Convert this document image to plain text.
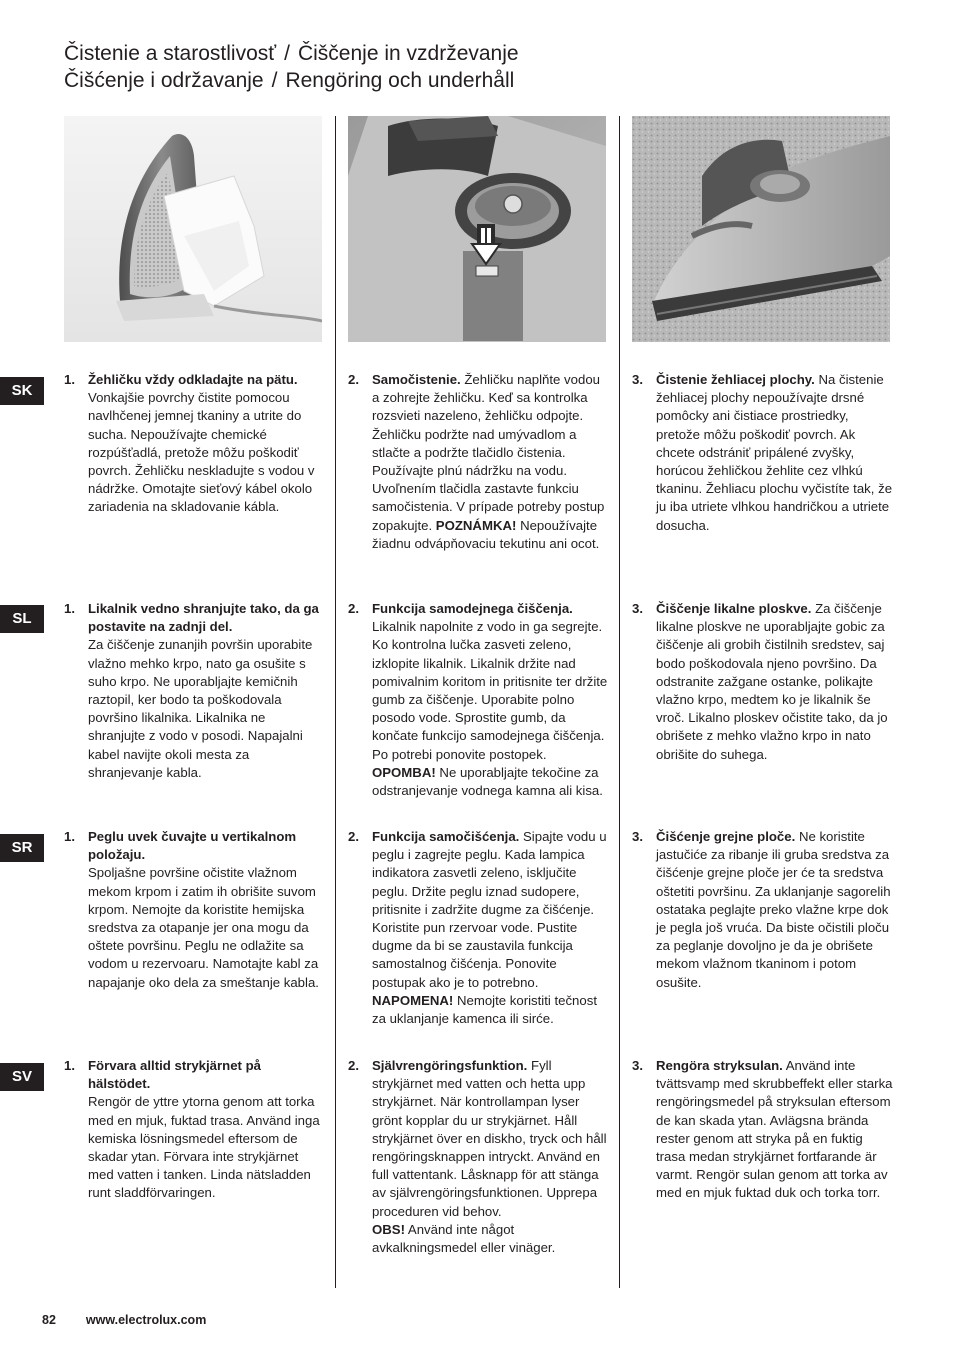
Čistenie a starostlivosť / Čiščenje in vzdrževanje
Čišćenje i održavanje / Rengöring och underhåll
SK
SL
SR
SV
1. Žehličku vždy odkladajte na pätu.
Vonkajšie povrchy čistite pomocou navlhčenej jemnej tkaniny a utrite do sucha. Nepoužívajte chemické rozpúšťadlá, pretože môžu poškodiť povrch. Žehličku neskladujte s vodou v nádržke. Omotajte sieťový kábel okolo zariadenia na skladovanie kábla.
2. Samočistenie. Žehličku naplňte vodou a zohrejte žehličku. Keď sa kontrolka rozsvieti nazeleno, žehličku odpojte. Žehličku podržte nad umývadlom a stlačte a podržte tlačidlo čistenia. Používajte plnú nádržku na vodu. Uvoľnením tlačidla zastavte funkciu samočistenia. V prípade potreby postup zopakujte. POZNÁMKA! Nepoužívajte žiadnu odvápňovaciu tekutinu ani ocot.
3. Čistenie žehliacej plochy. Na čistenie žehliacej plochy nepoužívajte drsné pomôcky ani čistiace prostriedky, pretože môžu poškodiť povrch. Ak chcete odstrániť pripálené zvyšky, horúcou žehličkou žehlite cez vlhkú tkaninu. Žehliacu plochu vyčistíte tak, že ju iba utriete vlhkou handričkou a utriete dosucha.
1. Likalnik vedno shranjujte tako, da ga postavite na zadnji del.
Za čiščenje zunanjih površin uporabite vlažno mehko krpo, nato ga osušite s suho krpo. Ne uporabljajte kemičnih raztopil, ker bodo ta poškodovala površino likalnika. Likalnika ne shranjujte z vodo v posodi. Napajalni kabel navijte okoli mesta za shranjevanje kabla.
2. Funkcija samodejnega čiščenja. Likalnik napolnite z vodo in ga segrejte. Ko kontrolna lučka zasveti zeleno, izklopite likalnik. Likalnik držite nad pomivalnim koritom in pritisnite ter držite gumb za čiščenje. Uporabite polno posodo vode. Sprostite gumb, da končate funkcijo samodejnega čiščenja. Po potrebi ponovite postopek. OPOMBA! Ne uporabljajte tekočine za odstranjevanje vodnega kamna ali kisa.
3. Čiščenje likalne ploskve. Za čiščenje likalne ploskve ne uporabljajte gobic za čiščenje ali grobih čistilnih sredstev, saj bodo poškodovala njeno površino. Da odstranite zažgane ostanke, polikajte vlažno krpo, medtem ko je likalnik še vroč. Likalno ploskev očistite tako, da jo obrišete z mehko vlažno krpo in nato obrišite do suhega.
1. Peglu uvek čuvajte u vertikalnom položaju.
Spoljašne površine očistite vlažnom mekom krpom i zatim ih obrišite suvom krpom. Nemojte da koristite hemijska sredstva za otapanje jer ona mogu da oštete površinu. Peglu ne odlažite sa vodom u rezervoaru. Namotajte kabl za napajanje oko dela za smeštanje kabla.
2. Funkcija samočišćenja. Sipajte vodu u peglu i zagrejte peglu. Kada lampica indikatora zasvetli zeleno, isključite peglu. Držite peglu iznad sudopere, pritisnite i zadržite dugme za čišćenje. Koristite pun rzervoar vode. Pustite dugme da bi se zaustavila funkcija samostalnog čišćenja. Ponovite postupak ako je to potrebno. NAPOMENA! Nemojte koristiti tečnost za uklanjanje kamenca ili sirće.
3. Čišćenje grejne ploče. Ne koristite jastučiće za ribanje ili gruba sredstva za čišćenje grejne ploče jer će ta sredstva oštetiti površinu. Za uklanjanje sagorelih ostataka peglajte preko vlažne krpe dok je pegla još vruća. Da biste očistili ploču za peglanje dovoljno je da je obrišete mekom vlažnom tkaninom i potom osušite.
1. Förvara alltid strykjärnet på hälstödet.
Rengör de yttre ytorna genom att torka med en mjuk, fuktad trasa. Använd inga kemiska lösningsmedel eftersom de skadar ytan. Förvara inte strykjärnet med vatten i tanken. Linda nätsladden runt sladdförvaringen.
2. Självrengöringsfunktion. Fyll strykjärnet med vatten och hetta upp strykjärnet. När kontrollampan lyser grönt kopplar du ur strykjärnet. Håll strykjärnet över en diskho, tryck och håll rengöringsknappen intryckt. Använd en full vattentank. Låsknapp för att stänga av självrengöringsfunktionen. Upprepa proceduren vid behov.
OBS! Använd inte något avkalkningsmedel eller vinäger.
3. Rengöra stryksulan. Använd inte tvättsvamp med skrubbeffekt eller starka rengöringsmedel på stryksulan eftersom de kan skada ytan. Avlägsna brända rester genom att stryka på en fuktig trasa medan strykjärnet fortfarande är varmt. Rengör sulan genom att torka av med en mjuk fuktad duk och torka torr.
82 www.electrolux.com
